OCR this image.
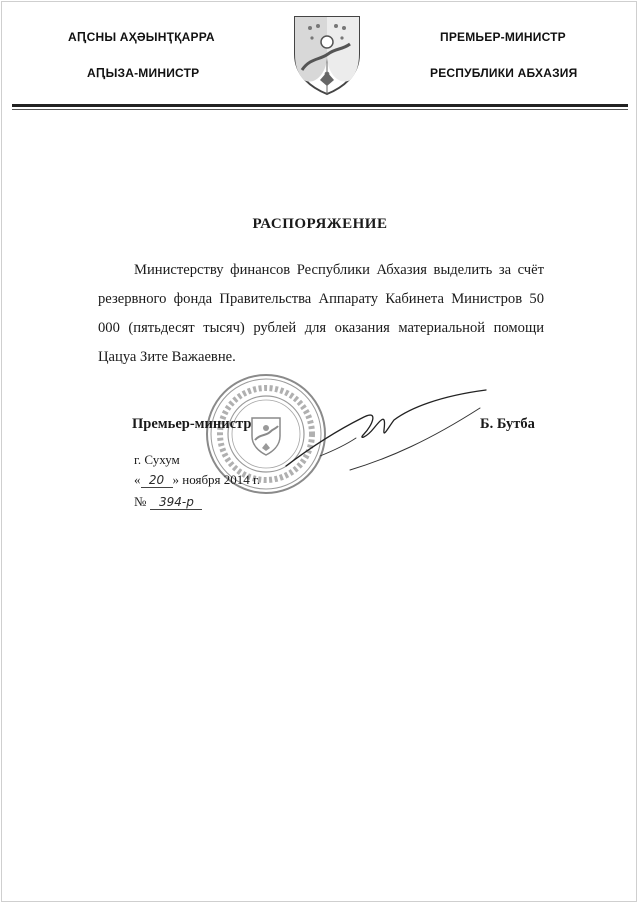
АԤСНЫ АҲӘЫНҬҚАРРА
АԤЫЗА-МИНИСТР
ПРЕМЬЕР-МИНИСТР
РЕСПУБЛИКИ АБХАЗИЯ
РАСПОРЯЖЕНИЕ

Министерству финансов Республики Абхазия выделить за счёт резервного фонда Правительства Аппарату Кабинета Министров 50 000 (пятьдесят тысяч) рублей для оказания материальной помощи Цацуа Зите Важаевне.

Премьер-министр	Б. Бутба
г. Сухум
« 20 » ноября 2014 г.
№ 394-р
